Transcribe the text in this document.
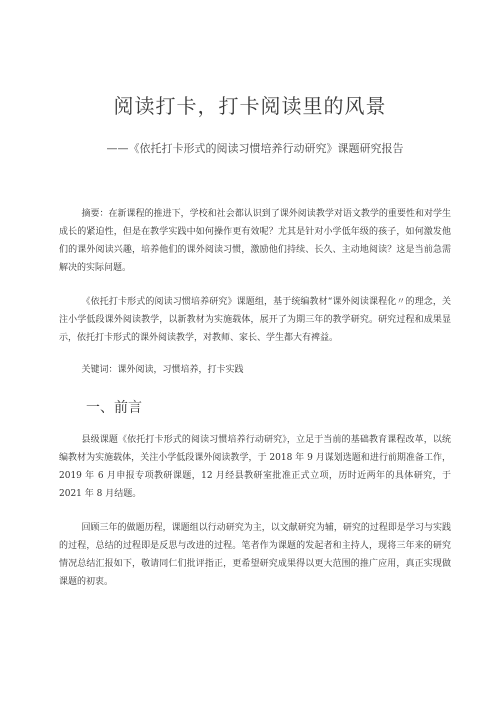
阅读打卡，打卡阅读里的风景
——《依托打卡形式的阅读习惯培养行动研究》课题研究报告
摘要：在新课程的推进下，学校和社会都认识到了课外阅读教学对语文教学的重要性和对学生成长的紧迫性，但是在教学实践中如何操作更有效呢？尤其是针对小学低年级的孩子，如何激发他们的课外阅读兴趣，培养他们的课外阅读习惯，激励他们持续、长久、主动地阅读？这是当前急需解决的实际问题。
《依托打卡形式的阅读习惯培养研究》课题组，基于统编教材“课外阅读课程化〃的理念，关注小学低段课外阅读教学，以新教材为实施载体，展开了为期三年的教学研究。研究过程和成果显示，依托打卡形式的课外阅读教学，对教师、家长、学生都大有裨益。
关键词：课外阅读，习惯培养，打卡实践
一、前言
县级课题《依托打卡形式的阅读习惯培养行动研究》，立足于当前的基础教育课程改革，以统编教材为实施载体，关注小学低段课外阅读教学，于 2018 年 9 月谋划选题和进行前期准备工作，2019 年 6 月申报专项教研课题，12 月经县教研室批准正式立项，历时近两年的具体研究，于 2021 年 8 月结题。
回顾三年的做题历程，课题组以行动研究为主，以文献研究为辅，研究的过程即是学习与实践的过程，总结的过程即是反思与改进的过程。笔者作为课题的发起者和主持人，现将三年来的研究情况总结汇报如下，敬请同仁们批评指正，更希望研究成果得以更大范围的推广应用，真正实现做课题的初衷。
